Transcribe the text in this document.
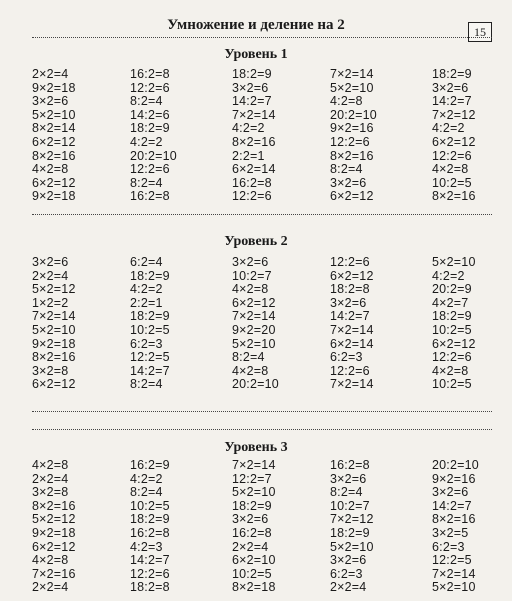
Умножение и деление на 2	15
Уровень 1
2×2=4
9×2=18
3×2=6
5×2=10
8×2=14
6×2=12
8×2=16
4×2=8
6×2=12
9×2=18
16:2=8
12:2=6
8:2=4
14:2=6
18:2=9
4:2=2
20:2=10
12:2=6
8:2=4
16:2=8
18:2=9
3×2=6
14:2=7
7×2=14
4:2=2
8×2=16
2:2=1
6×2=14
16:2=8
12:2=6
7×2=14
5×2=10
4:2=8
20:2=10
9×2=16
12:2=6
8×2=16
8:2=4
3×2=6
6×2=12
18:2=9
3×2=6
14:2=7
7×2=12
4:2=2
6×2=12
12:2=6
4×2=8
10:2=5
8×2=16
Уровень 2
3×2=6
2×2=4
5×2=12
1×2=2
7×2=14
5×2=10
9×2=18
8×2=16
3×2=8
6×2=12
6:2=4
18:2=9
4:2=2
2:2=1
18:2=9
10:2=5
6:2=3
12:2=5
14:2=7
8:2=4
3×2=6
10:2=7
4×2=8
6×2=12
7×2=14
9×2=20
5×2=10
8:2=4
4×2=8
20:2=10
12:2=6
6×2=12
18:2=8
3×2=6
14:2=7
7×2=14
6×2=14
6:2=3
12:2=6
7×2=14
5×2=10
4:2=2
20:2=9
4×2=7
18:2=9
10:2=5
6×2=12
12:2=6
4×2=8
10:2=5
Уровень 3
4×2=8
2×2=4
3×2=8
8×2=16
5×2=12
9×2=18
6×2=12
4×2=8
7×2=16
2×2=4
16:2=9
4:2=2
8:2=4
10:2=5
18:2=9
16:2=8
4:2=3
14:2=7
12:2=6
18:2=8
7×2=14
12:2=7
5×2=10
18:2=9
3×2=6
16:2=8
2×2=4
6×2=10
10:2=5
8×2=18
16:2=8
3×2=6
8:2=4
10:2=7
7×2=12
18:2=9
5×2=10
3×2=6
6:2=3
2×2=4
20:2=10
9×2=16
3×2=6
14:2=7
8×2=16
3×2=5
6:2=3
12:2=5
7×2=14
5×2=10
